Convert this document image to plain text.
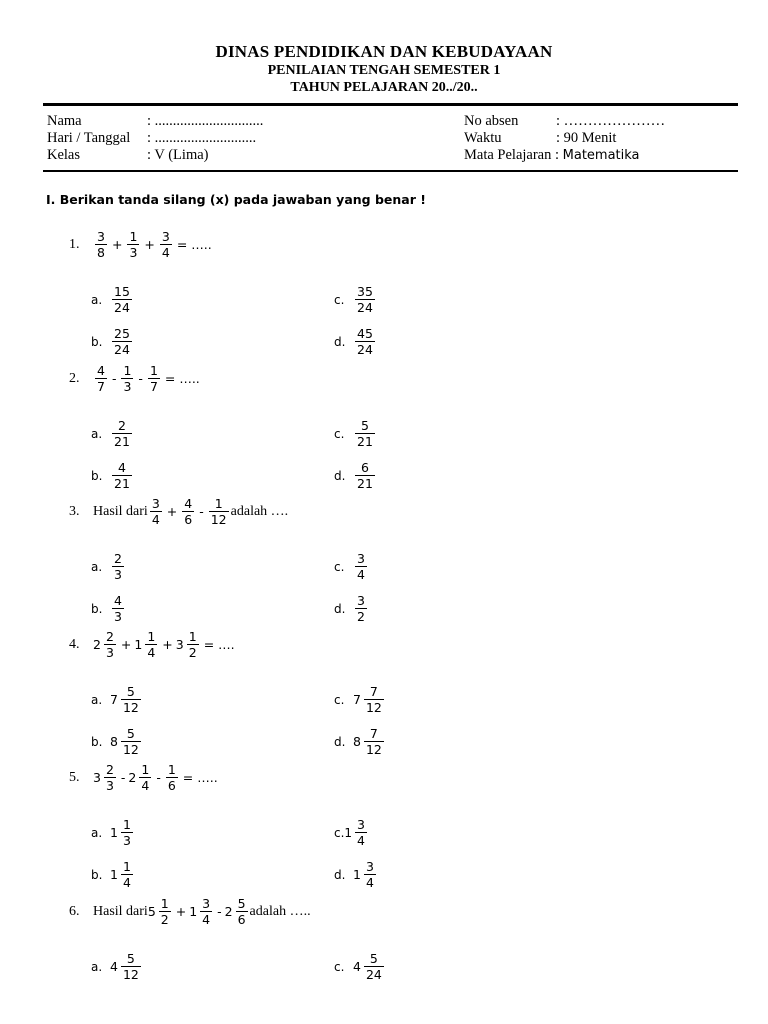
DINAS PENDIDIKAN DAN KEBUDAYAAN
PENILAIAN TENGAH SEMESTER 1
TAHUN PELAJARAN 20../20..
Nama	: ..............................
Hari / Tanggal : ............................
Kelas	: V (Lima)
No absen	: …………………
Waktu	: 90 Menit
Mata Pelajaran : Matematika
I. Berikan tanda silang (x) pada jawaban yang benar !
1.	$\frac{3}{8} + \frac{1}{3} + \frac{3}{4}$ = …..
a. $\frac{15}{24}$	c. $\frac{35}{24}$
b. $\frac{25}{24}$	d. $\frac{45}{24}$
2.	$\frac{4}{7} - \frac{1}{3} - \frac{1}{7}$ = …..
a. $\frac{2}{21}$	c. $\frac{5}{21}$
b. $\frac{4}{21}$	d. $\frac{6}{21}$
3. Hasil dari $\frac{3}{4} + \frac{4}{6} - \frac{1}{12}$ adalah ….
a. $\frac{2}{3}$	c. $\frac{3}{4}$
b. $\frac{4}{3}$	d. $\frac{3}{2}$
4.	$2 \frac{2}{3} + 1 \frac{1}{4} + 3 \frac{1}{2}$ = ….
a. $7 \frac{5}{12}$	c. $7 \frac{7}{12}$
b. $8 \frac{5}{12}$	d. $8 \frac{7}{12}$
5.	$3 \frac{2}{3} - 2 \frac{1}{4} - \frac{1}{6}$ = …..
a. $1 \frac{1}{3}$	$c.1 \frac{3}{4}$
b. $1 \frac{1}{4}$	d. $1 \frac{3}{4}$
6. Hasil dari $5 \frac{1}{2} + 1 \frac{3}{4} - 2 \frac{5}{6}$ adalah …..
a. $4 \frac{5}{12}$	c. $4 \frac{5}{24}$
